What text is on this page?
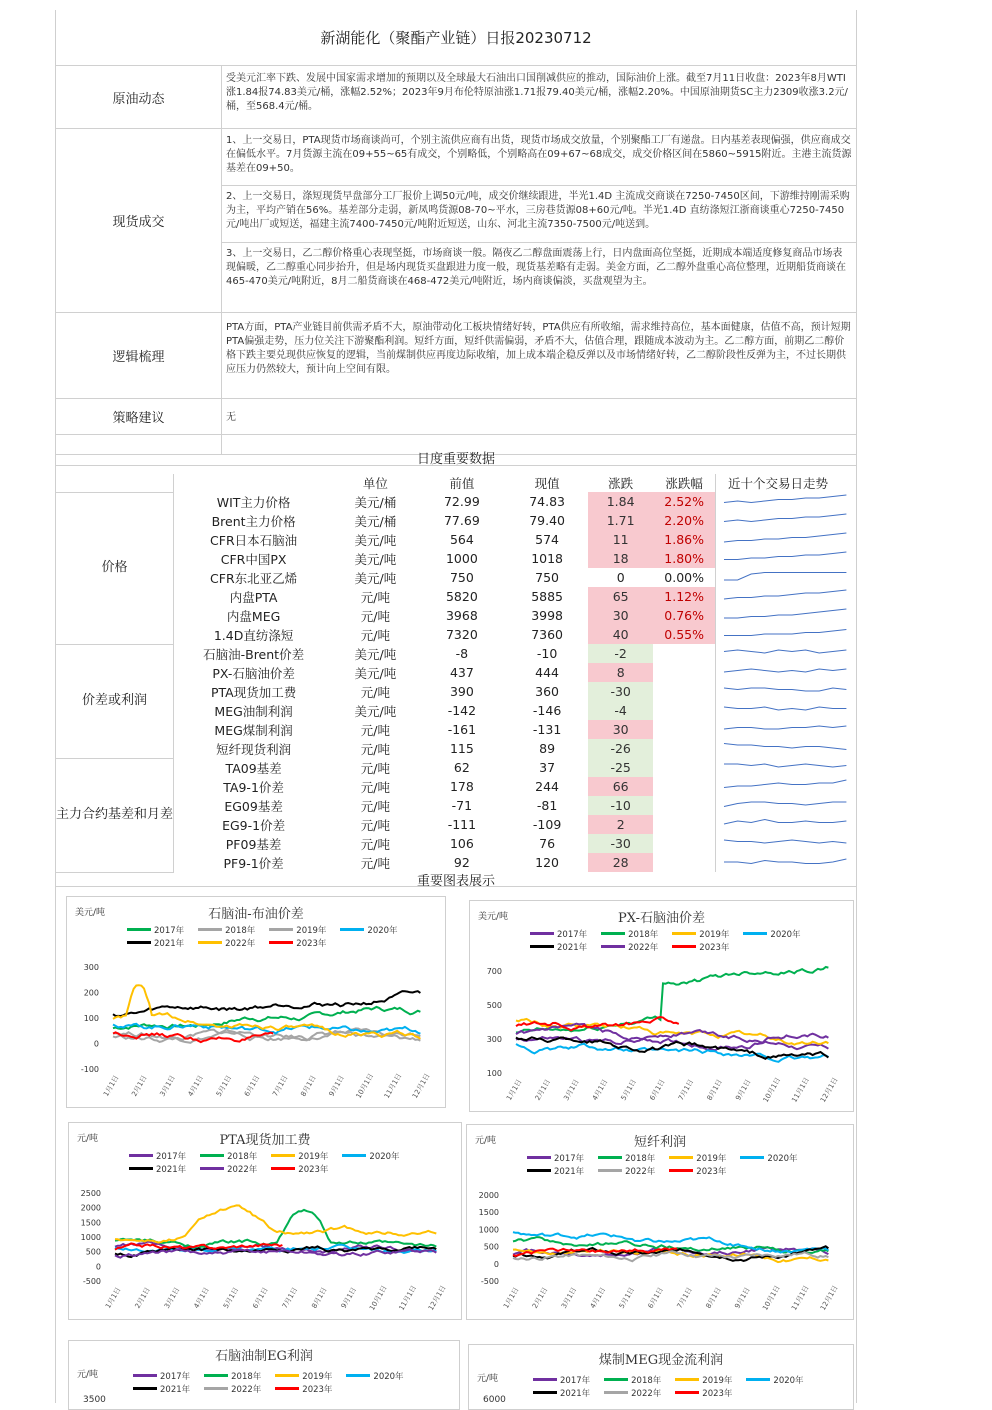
新湖能化（聚酯产业链）日报20230712
原油动态
受美元汇率下跌、发展中国家需求增加的预期以及全球最大石油出口国削减供应的推动，国际油价上涨。截至7月11日收盘：2023年8月WTI涨1.84报74.83美元/桶，涨幅2.52%；2023年9月布伦特原油涨1.71报79.40美元/桶，涨幅2.20%。中国原油期货SC主力2309收涨3.2元/桶，至568.4元/桶。
现货成交
1、上一交易日，PTA现货市场商谈尚可，个别主流供应商有出货，现货市场成交放量，个别聚酯工厂有递盘。日内基差表现偏强，供应商成交在偏低水平。7月货源主流在09+55~65有成交，个别略低，个别略高在09+67~68成交，成交价格区间在5860~5915附近。主港主流货源基差在09+50。
2、上一交易日，涤短现货早盘部分工厂报价上调50元/吨，成交价继续跟进，半光1.4D 主流成交商谈在7250-7450区间，下游维持刚需采购为主，平均产销在56%。基差部分走弱，新凤鸣货源08-70~平水，三房巷货源08+60元/吨。半光1.4D 直纺涤短江浙商谈重心7250-7450元/吨出厂或短送，福建主流7400-7450元/吨附近短送，山东、河北主流7350-7500元/吨送到。
3、上一交易日，乙二醇价格重心表现坚挺，市场商谈一般。隔夜乙二醇盘面震荡上行，日内盘面高位坚挺，近期成本端适度修复商品市场表现偏暖，乙二醇重心同步抬升，但是场内现货买盘跟进力度一般，现货基差略有走弱。美金方面，乙二醇外盘重心高位整理，近期船货商谈在465-470美元/吨附近，8月二船货商谈在468-472美元/吨附近，场内商谈偏淡，买盘观望为主。
逻辑梳理
PTA方面，PTA产业链目前供需矛盾不大，原油带动化工板块情绪好转，PTA供应有所收缩，需求维持高位，基本面健康，估值不高，预计短期PTA偏强走势，压力位关注下游聚酯利润。短纤方面，短纤供需偏弱，矛盾不大，估值合理，跟随成本波动为主。乙二醇方面，前期乙二醇价格下跌主要兑现供应恢复的逻辑，当前煤制供应再度边际收缩，加上成本端企稳反弹以及市场情绪好转，乙二醇阶段性反弹为主，不过长期供应压力仍然较大，预计向上空间有限。
策略建议	无
日度重要数据
		单位	前值	现值	涨跌	涨跌幅	近十个交易日走势
价格	WIT主力价格	美元/桶	72.99	74.83	1.84	2.52%	
	Brent主力价格	美元/桶	77.69	79.40	1.71	2.20%	
	CFR日本石脑油	美元/吨	564	574	11	1.86%	
	CFR中国PX	美元/吨	1000	1018	18	1.80%	
	CFR东北亚乙烯	美元/吨	750	750	0	0.00%	
	内盘PTA	元/吨	5820	5885	65	1.12%	
	内盘MEG	元/吨	3968	3998	30	0.76%	
	1.4D直纺涤短	元/吨	7320	7360	40	0.55%	
价差或利润	石脑油-Brent价差	美元/吨	-8	-10	-2		
	PX-石脑油价差	美元/吨	437	444	8		
	PTA现货加工费	元/吨	390	360	-30		
	MEG油制利润	美元/吨	-142	-146	-4		
	MEG煤制利润	元/吨	-161	-131	30		
	短纤现货利润	元/吨	115	89	-26		
主力合约基差和月差	TA09基差	元/吨	62	37	-25		
	TA9-1价差	元/吨	178	244	66		
	EG09基差	元/吨	-71	-81	-10		
	EG9-1价差	元/吨	-111	-109	2		
	PF09基差	元/吨	106	76	-30		
	PF9-1价差	元/吨	92	120	28		
重要图表展示
石脑油-布油价差
美元/吨
2017年	2018年	2019年	2020年
2021年	2022年	2023年
300
200
100
0
-100
1月1日 2月1日 3月1日 4月1日 5月1日 6月1日 7月1日 8月1日 9月1日 10月1日 11月1日 12月1日
PX-石脑油价差
美元/吨
2017年	2018年	2019年	2020年
2021年	2022年	2023年
700
500
300
100
1月1日 2月1日 3月1日 4月1日 5月1日 6月1日 7月1日 8月1日 9月1日 10月1日 11月1日 12月1日
PTA现货加工费
元/吨
2017年	2018年	2019年	2020年
2021年	2022年	2023年
2500
2000
1500
1000
500
0
-500
1月1日 2月1日 3月1日 4月1日 5月1日 6月1日 7月1日 8月1日 9月1日 10月1日 11月1日 12月1日
短纤利润
元/吨
2017年	2018年	2019年	2020年
2021年	2022年	2023年
2000
1500
1000
500
0
-500
1月1日 2月1日 3月1日 4月1日 5月1日 6月1日 7月1日 8月1日 9月1日 10月1日 11月1日 12月1日
石脑油制EG利润
元/吨	2017年	2018年	2019年	2020年
2021年	2022年	2023年
3500
煤制MEG现金流利润
元/吨	2017年	2018年	2019年	2020年
2021年	2022年	2023年
6000
